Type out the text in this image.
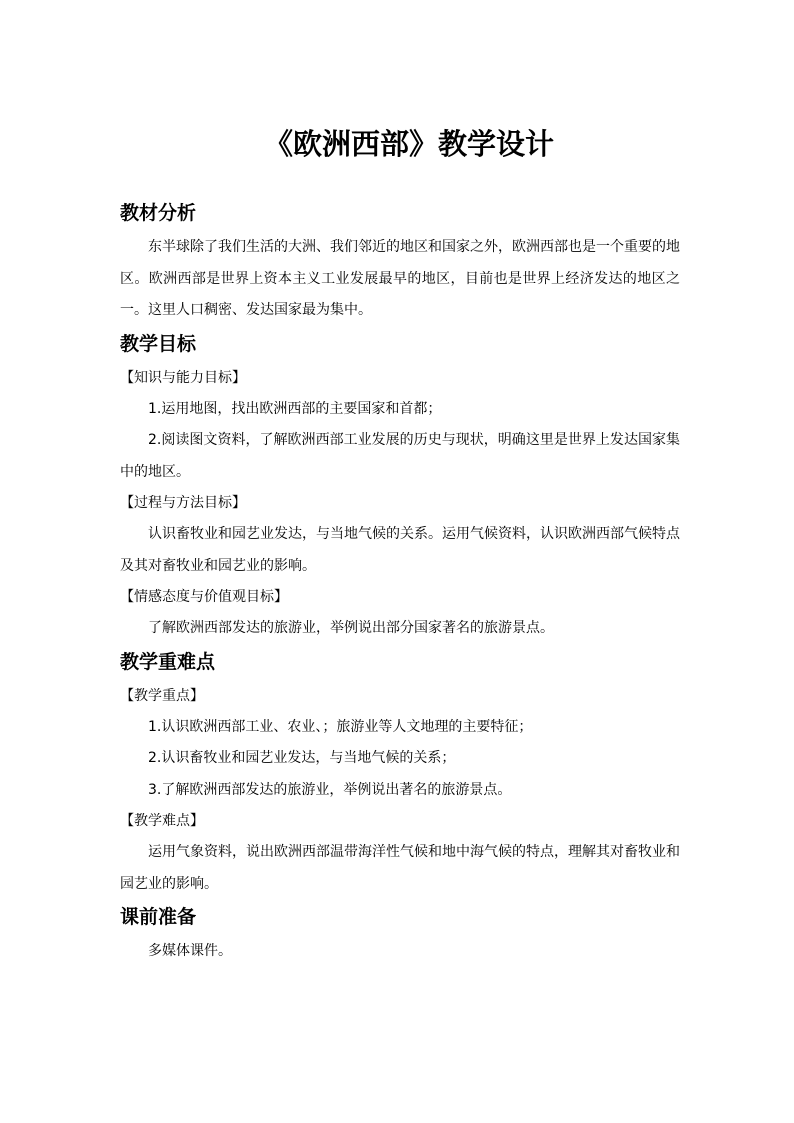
《欧洲西部》教学设计
教材分析

东半球除了我们生活的大洲、我们邻近的地区和国家之外，欧洲西部也是一个重要的地区。欧洲西部是世界上资本主义工业发展最早的地区，目前也是世界上经济发达的地区之一。这里人口稠密、发达国家最为集中。

教学目标

【知识与能力目标】

1.运用地图，找出欧洲西部的主要国家和首都；

2.阅读图文资料，了解欧洲西部工业发展的历史与现状，明确这里是世界上发达国家集中的地区。

【过程与方法目标】

认识畜牧业和园艺业发达，与当地气候的关系。运用气候资料，认识欧洲西部气候特点及其对畜牧业和园艺业的影响。

【情感态度与价值观目标】

了解欧洲西部发达的旅游业，举例说出部分国家著名的旅游景点。

教学重难点

【教学重点】

1.认识欧洲西部工业、农业、；旅游业等人文地理的主要特征；

2.认识畜牧业和园艺业发达，与当地气候的关系；

3.了解欧洲西部发达的旅游业，举例说出著名的旅游景点。

【教学难点】

运用气象资料，说出欧洲西部温带海洋性气候和地中海气候的特点，理解其对畜牧业和园艺业的影响。

课前准备

多媒体课件。
